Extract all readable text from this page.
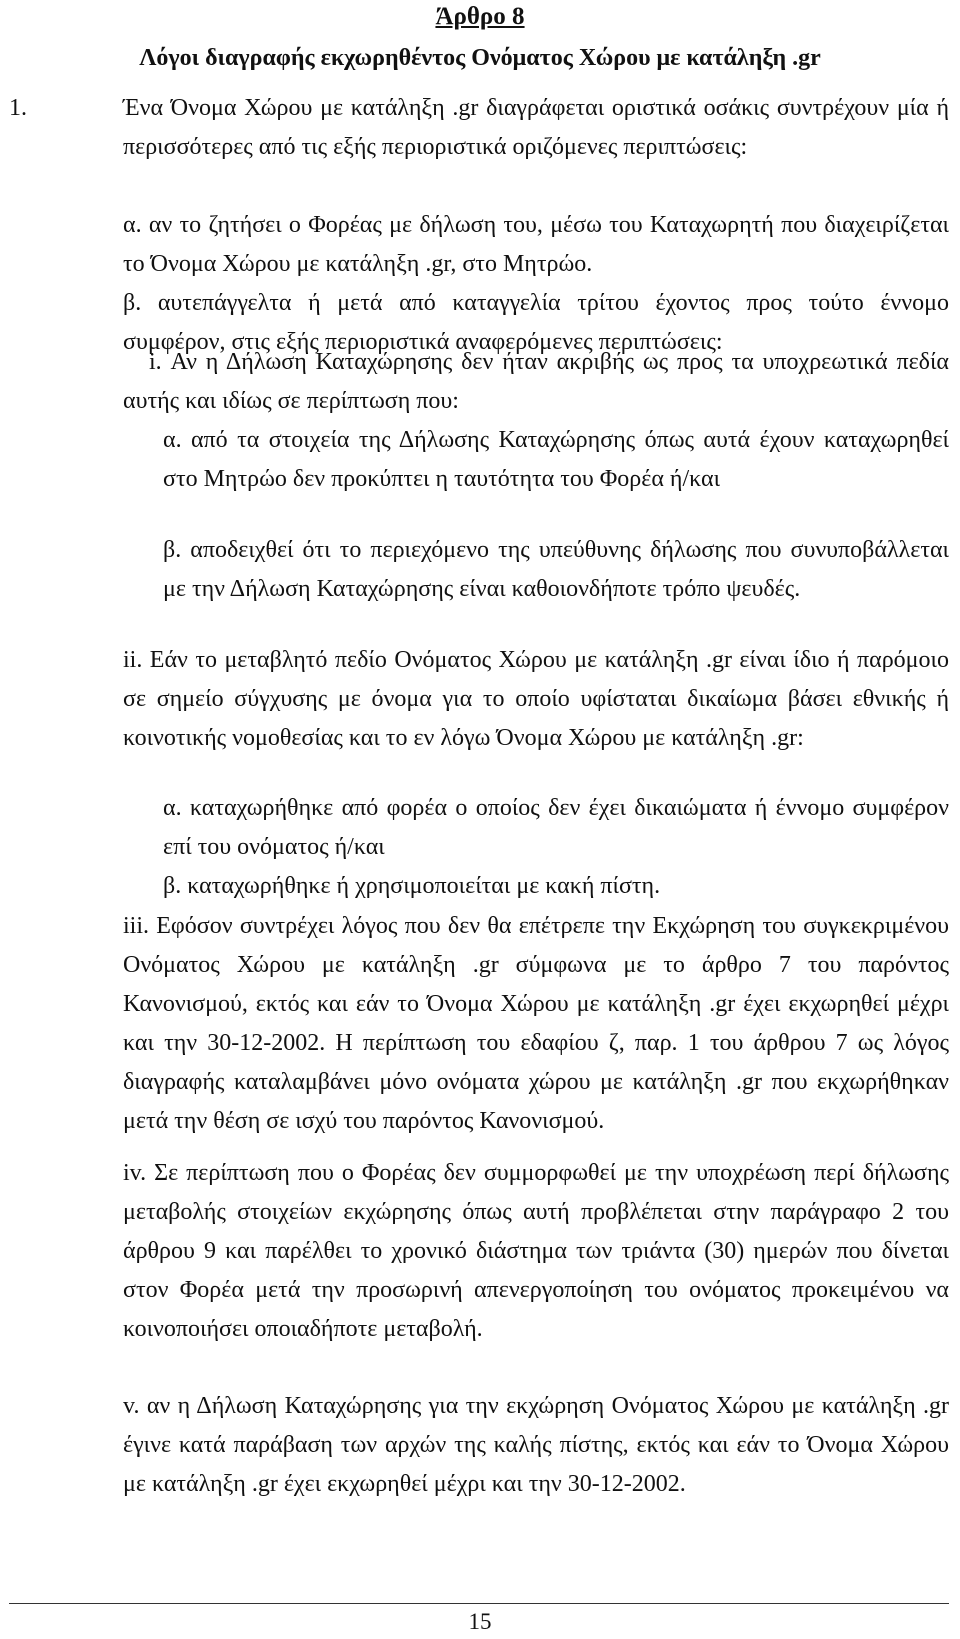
Άρθρο 8
Λόγοι διαγραφής εκχωρηθέντος Ονόματος Χώρου με κατάληξη .gr
1.	Ένα Όνομα Χώρου με κατάληξη .gr διαγράφεται οριστικά οσάκις συντρέχουν μία ή περισσότερες από τις εξής περιοριστικά οριζόμενες περιπτώσεις:

α. αν το ζητήσει ο Φορέας με δήλωση του, μέσω του Καταχωρητή που διαχειρίζεται το Όνομα Χώρου με κατάληξη .gr, στο Μητρώο.

β. αυτεπάγγελτα ή μετά από καταγγελία τρίτου έχοντος προς τούτο έννομο συμφέρον, στις εξής περιοριστικά αναφερόμενες περιπτώσεις:

i. Αν η Δήλωση Καταχώρησης δεν ήταν ακριβής ως προς τα υποχρεωτικά πεδία αυτής και ιδίως σε περίπτωση που:

α. από τα στοιχεία της Δήλωσης Καταχώρησης όπως αυτά έχουν καταχωρηθεί στο Μητρώο δεν προκύπτει η ταυτότητα του Φορέα ή/και

β. αποδειχθεί ότι το περιεχόμενο της υπεύθυνης δήλωσης που συνυποβάλλεται με την Δήλωση Καταχώρησης είναι καθοιονδήποτε τρόπο ψευδές.

ii. Εάν το μεταβλητό πεδίο Ονόματος Χώρου με κατάληξη .gr είναι ίδιο ή παρόμοιο σε σημείο σύγχυσης με όνομα για το οποίο υφίσταται δικαίωμα βάσει εθνικής ή κοινοτικής νομοθεσίας και το εν λόγω Όνομα Χώρου με κατάληξη .gr:

α. καταχωρήθηκε από φορέα ο οποίος δεν έχει δικαιώματα ή έννομο συμφέρον επί του ονόματος ή/και

β. καταχωρήθηκε ή χρησιμοποιείται με κακή πίστη.

iii. Εφόσον συντρέχει λόγος που δεν θα επέτρεπε την Εκχώρηση του συγκεκριμένου Ονόματος Χώρου με κατάληξη .gr σύμφωνα με το άρθρο 7 του παρόντος Κανονισμού, εκτός και εάν το Όνομα Χώρου με κατάληξη .gr έχει εκχωρηθεί μέχρι και την 30-12-2002. Η περίπτωση του εδαφίου ζ, παρ. 1 του άρθρου 7 ως λόγος διαγραφής καταλαμβάνει μόνο ονόματα χώρου με κατάληξη .gr που εκχωρήθηκαν μετά την θέση σε ισχύ του παρόντος Κανονισμού.

iv. Σε περίπτωση που ο Φορέας δεν συμμορφωθεί με την υποχρέωση περί δήλωσης μεταβολής στοιχείων εκχώρησης όπως αυτή προβλέπεται στην παράγραφο 2 του άρθρου 9 και παρέλθει το χρονικό διάστημα των τριάντα (30) ημερών που δίνεται στον Φορέα μετά την προσωρινή απενεργοποίηση του ονόματος προκειμένου να κοινοποιήσει οποιαδήποτε μεταβολή.

v. αν η Δήλωση Καταχώρησης για την εκχώρηση Ονόματος Χώρου με κατάληξη .gr έγινε κατά παράβαση των αρχών της καλής πίστης, εκτός και εάν το Όνομα Χώρου με κατάληξη .gr έχει εκχωρηθεί μέχρι και την 30-12-2002.

15
